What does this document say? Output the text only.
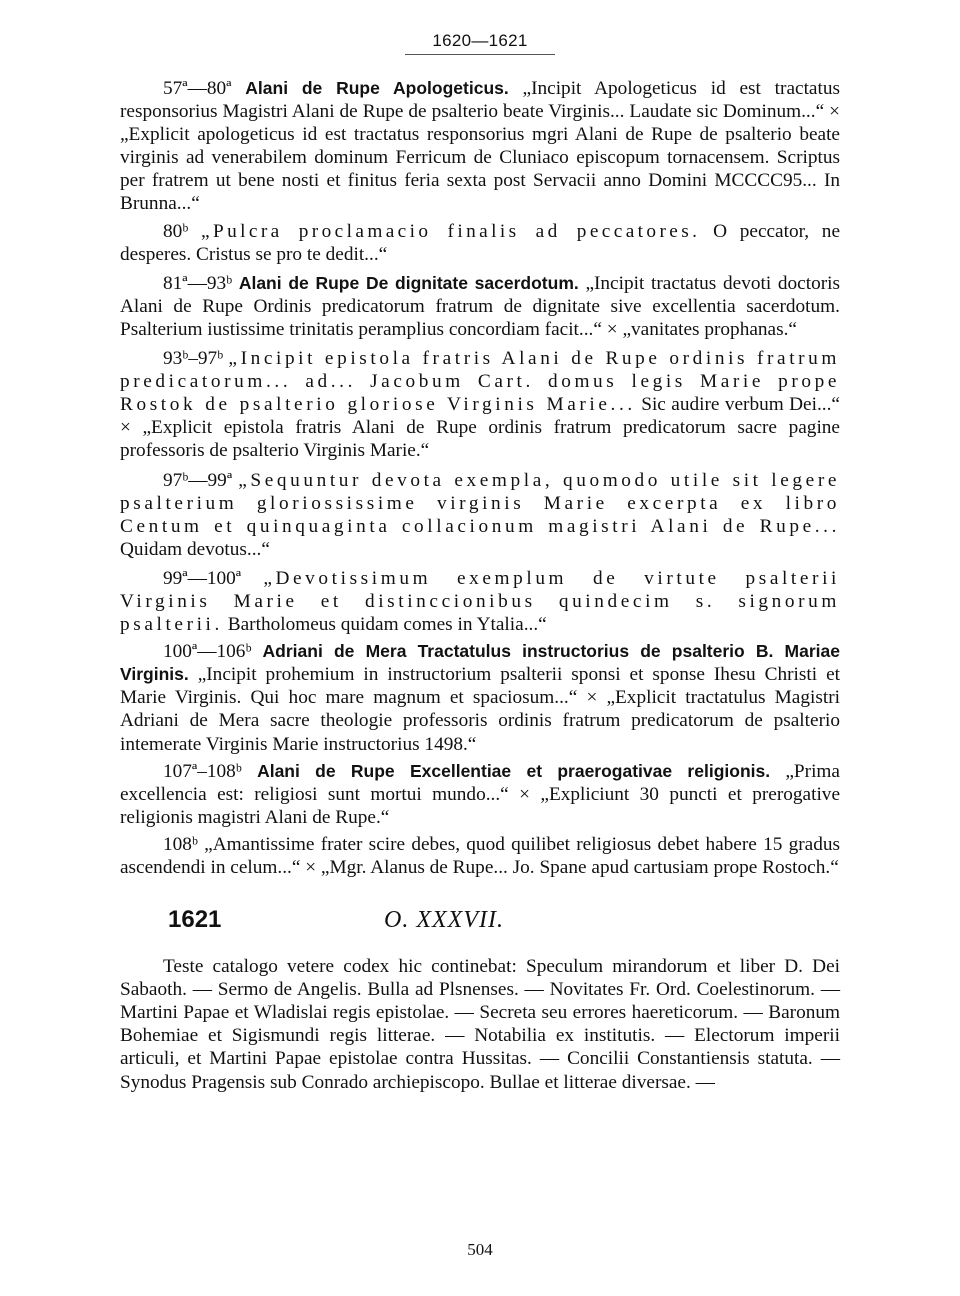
1620—1621

57ª—80ª Alani de Rupe Apologeticus. „Incipit Apologeticus id est tractatus responsorius Magistri Alani de Rupe de psalterio beate Virginis... Laudate sic Dominum...“ × „Explicit apologeticus id est tractatus responsorius mgri Alani de Rupe de psalterio beate virginis ad venerabilem dominum Ferricum de Cluniaco episcopum tornacensem. Scriptus per fratrem ut bene nosti et finitus feria sexta post Servacii anno Domini MCCCC95... In Brunna...“

80ᵇ „Pulcra proclamacio finalis ad peccatores. O peccator, ne desperes. Cristus se pro te dedit...“

81ª—93ᵇ Alani de Rupe De dignitate sacerdotum. „Incipit tractatus devoti doctoris Alani de Rupe Ordinis predicatorum fratrum de dignitate sive excellentia sacerdotum. Psalterium iustissime trinitatis peramplius concordiam facit...“ × „vanitates prophanas.“

93ᵇ–97ᵇ „Incipit epistola fratris Alani de Rupe ordinis fratrum predicatorum... ad... Jacobum Cart. domus legis Marie prope Rostok de psalterio gloriose Virginis Marie... Sic audire verbum Dei...“ × „Explicit epistola fratris Alani de Rupe ordinis fratrum predicatorum sacre pagine professoris de psalterio Virginis Marie.“

97ᵇ—99ª „Sequuntur devota exempla, quomodo utile sit legere psalterium gloriossissime virginis Marie excerpta ex libro Centum et quinquaginta collacionum magistri Alani de Rupe... Quidam devotus...“

99ª—100ª „Devotissimum exemplum de virtute psalterii Virginis Marie et distinccionibus quindecim s. signorum psalterii. Bartholomeus quidam comes in Ytalia...“

100ª—106ᵇ Adriani de Mera Tractatulus instructorius de psalterio B. Mariae Virginis. „Incipit prohemium in instructorium psalterii sponsi et sponse Ihesu Christi et Marie Virginis. Qui hoc mare magnum et spaciosum...“ × „Explicit tractatulus Magistri Adriani de Mera sacre theologie professoris ordinis fratrum predicatorum de psalterio intemerate Virginis Marie instructorius 1498.“

107ª–108ᵇ Alani de Rupe Excellentiae et praerogativae religionis. „Prima excellencia est: religiosi sunt mortui mundo...“ × „Expliciunt 30 puncti et prerogative religionis magistri Alani de Rupe.“

108ᵇ „Amantissime frater scire debes, quod quilibet religiosus debet habere 15 gradus ascendendi in celum...“ × „Mgr. Alanus de Rupe... Jo. Spane apud cartusiam prope Rostoch.“

1621	O. XXXVII.

Teste catalogo vetere codex hic continebat: Speculum mirandorum et liber D. Dei Sabaoth. — Sermo de Angelis. Bulla ad Plsnenses. — Novitates Fr. Ord. Coelestinorum. — Martini Papae et Wladislai regis epistolae. — Secreta seu errores haereticorum. — Baronum Bohemiae et Sigismundi regis litterae. — Notabilia ex institutis. — Electorum imperii articuli, et Martini Papae epistolae contra Hussitas. — Concilii Constantiensis statuta. — Synodus Pragensis sub Conrado archiepiscopo. Bullae et litterae diversae. —

504
